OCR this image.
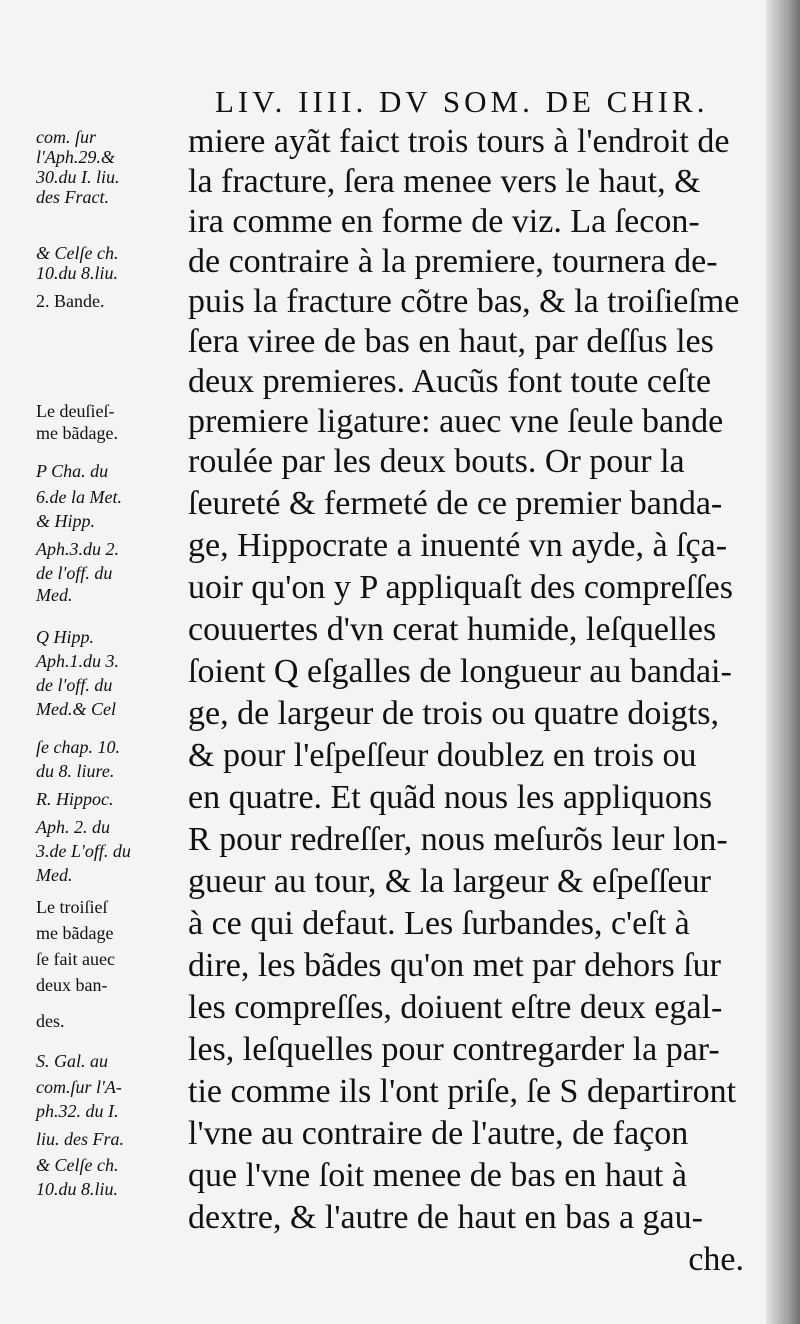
LIV. IIII. DV SOM. DE CHIR.
com. ſur
l'Aph.29.&
30.du I. liu.
des Fract.
& Celſe ch.
10.du 8.liu.
2. Bande.
Le deuſieſ-
me bãdage.
P Cha. du
6.de la Met.
& Hipp.
Aph.3.du 2.
de l'off. du
Med.
Q Hipp.
Aph.1.du 3.
de l'off. du
Med.& Cel
ſe chap. 10.
du 8. liure.
R. Hippoc.
Aph. 2. du
3.de L'off. du
Med.
Le troiſieſ
me bãdage
ſe fait auec
deux ban-
des.
S. Gal. au
com.ſur l'A-
ph.32. du I.
liu. des Fra.
& Celſe ch.
10.du 8.liu.
miere ayãt faict trois tours à l'endroit de
la fracture, ſera menee vers le haut, &
ira comme en forme de viz. La ſecon-
de contraire à la premiere, tournera de-
puis la fracture cõtre bas, & la troiſieſme
ſera viree de bas en haut, par deſſus les
deux premieres. Aucũs font toute ceſte
premiere ligature: auec vne ſeule bande
roulée par les deux bouts. Or pour la
ſeureté & fermeté de ce premier banda-
ge, Hippocrate a inuenté vn ayde, à ſça-
uoir qu'on y P appliquaſt des compreſſes
couuertes d'vn cerat humide, leſquelles
ſoient Q eſgalles de longueur au bandai-
ge, de largeur de trois ou quatre doigts,
& pour l'eſpeſſeur doublez en trois ou
en quatre. Et quãd nous les appliquons
R pour redreſſer, nous meſurõs leur lon-
gueur au tour, & la largeur & eſpeſſeur
à ce qui defaut. Les ſurbandes, c'eſt à
dire, les bãdes qu'on met par dehors ſur
les compreſſes, doiuent eſtre deux egal-
les, leſquelles pour contregarder la par-
tie comme ils l'ont priſe, ſe S departiront
l'vne au contraire de l'autre, de façon
que l'vne ſoit menee de bas en haut à
dextre, & l'autre de haut en bas a gau-
che.
